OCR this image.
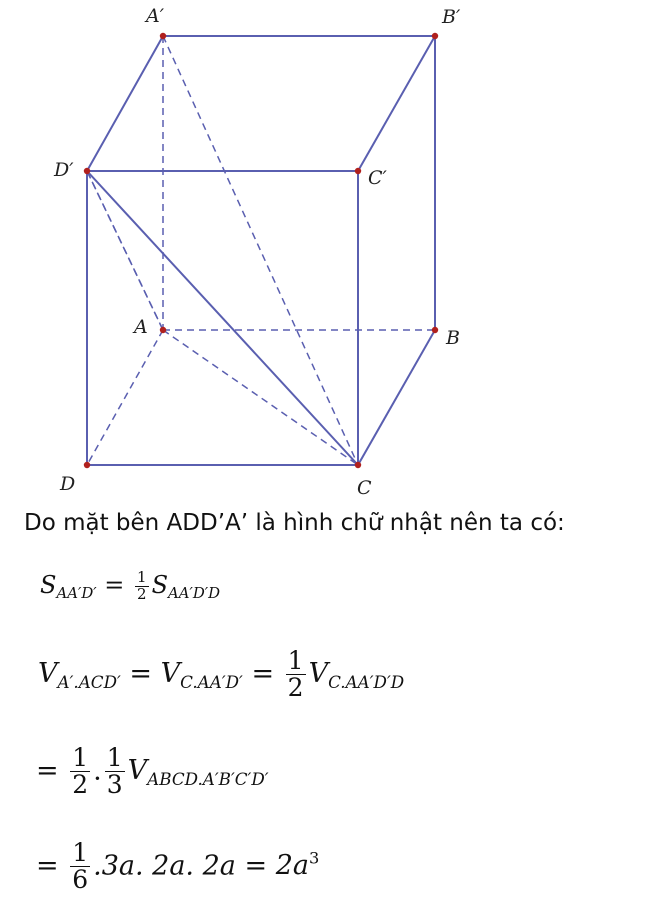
A′	B′
D′	C′
A	B
D	C
Do mặt bên ADD’A’ là hình chữ nhật nên ta có:
$S_{AA'D'} = \frac{1}{2} S_{AA'D'D}$
$V_{A'.ACD'} = V_{C.AA'D'} = \frac{1}{2} V_{C.AA'D'D}$
= $\frac{1}{2}$ . $\frac{1}{3} V_{ABCD.A'B'C'D'}$
= $\frac{1}{6} .3a$. 2a. $2a = 2a^3$
